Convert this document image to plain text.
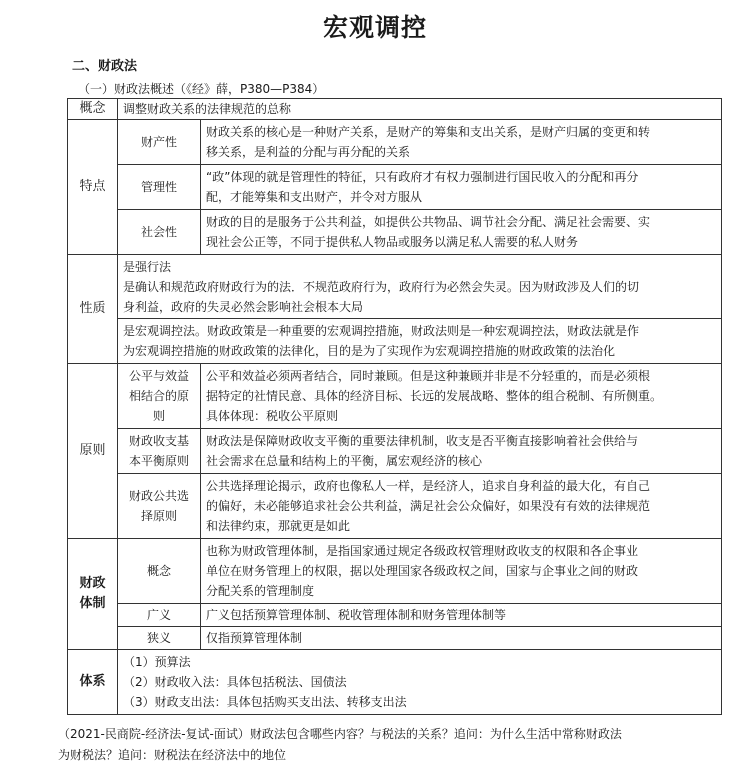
宏观调控
二、财政法
（一）财政法概述（《经》薛，P380—P384）
概念	调整财政关系的法律规范的总称	
特点	财产性	财政关系的核心是一种财产关系，是财产的筹集和支出关系，是财产归属的变更和转
移关系，是利益的分配与再分配的关系

	管理性	“政”体现的就是管理性的特征，只有政府才有权力强制进行国民收入的分配和再分
配，才能筹集和支出财产，并令对方服从

	社会性	财政的目的是服务于公共利益，如提供公共物品、调节社会分配、满足社会需要、实
现社会公正等，不同于提供私人物品或服务以满足私人需要的私人财务

性质	是强行法
是确认和规范政府财政行为的法．不规范政府行为，政府行为必然会失灵。因为财政涉及人们的切
身利益，政府的失灵必然会影响社会根本大局	

	是宏观调控法。财政政策是一种重要的宏观调控措施，财政法则是一种宏观调控法，财政法就是作
为宏观调控措施的财政政策的法律化，目的是为了实现作为宏观调控措施的财政政策的法治化	

原则	公平与效益
相结合的原
则	公平和效益必须两者结合，同时兼顾。但是这种兼顾并非是不分轻重的，而是必须根
据特定的社情民意、具体的经济目标、长远的发展战略、整体的组合税制、有所侧重。
具体体现：税收公平原则

	财政收支基
本平衡原则	财政法是保障财政收支平衡的重要法律机制，收支是否平衡直接影响着社会供给与
社会需求在总量和结构上的平衡，属宏观经济的核心

	财政公共选
择原则	公共选择理论揭示，政府也像私人一样，是经济人，追求自身利益的最大化，有自己
的偏好，未必能够追求社会公共利益，满足社会公众偏好，如果没有有效的法律规范
和法律约束，那就更是如此

财政
体制	概念	也称为财政管理体制，是指国家通过规定各级政权管理财政收支的权限和各企事业
单位在财务管理上的权限，据以处理国家各级政权之间，国家与企事业之间的财政
分配关系的管理制度

	广义	广义包括预算管理体制、税收管理体制和财务管理体制等
	狭义	仅指预算管理体制
体系	（1）预算法
（2）财政收入法：具体包括税法、国债法
（3）财政支出法：具体包括购买支出法、转移支出法	
（2021-民商院-经济法-复试-面试）财政法包含哪些内容？与税法的关系？追问：为什么生活中常称财政法
为财税法？追问：财税法在经济法中的地位
